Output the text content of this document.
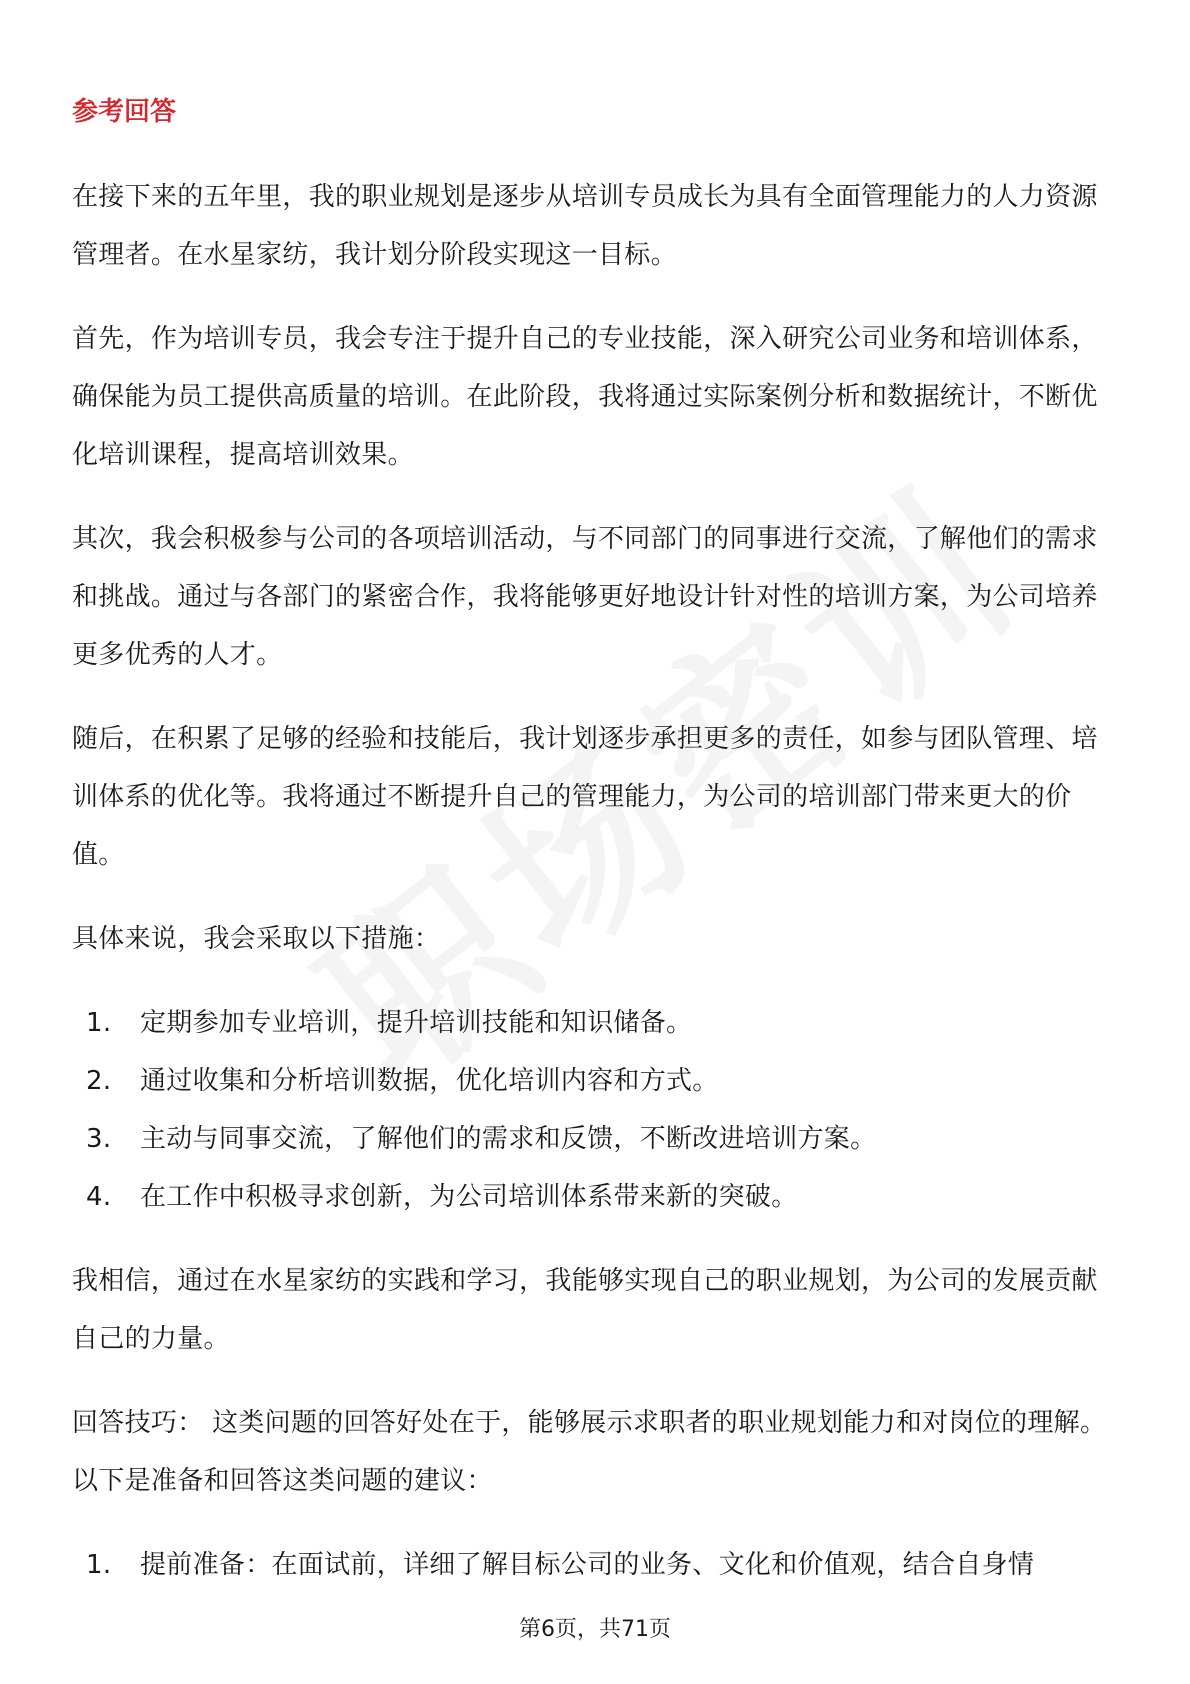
参考回答

在接下来的五年里，我的职业规划是逐步从培训专员成长为具有全面管理能力的人力资源管理者。在水星家纺，我计划分阶段实现这一目标。

首先，作为培训专员，我会专注于提升自己的专业技能，深入研究公司业务和培训体系，确保能为员工提供高质量的培训。在此阶段，我将通过实际案例分析和数据统计，不断优化培训课程，提高培训效果。

其次，我会积极参与公司的各项培训活动，与不同部门的同事进行交流，了解他们的需求和挑战。通过与各部门的紧密合作，我将能够更好地设计针对性的培训方案，为公司培养更多优秀的人才。

随后，在积累了足够的经验和技能后，我计划逐步承担更多的责任，如参与团队管理、培训体系的优化等。我将通过不断提升自己的管理能力，为公司的培训部门带来更大的价值。

具体来说，我会采取以下措施：

1.	定期参加专业培训，提升培训技能和知识储备。
2.	通过收集和分析培训数据，优化培训内容和方式。
3.	主动与同事交流，了解他们的需求和反馈，不断改进培训方案。
4.	在工作中积极寻求创新，为公司培训体系带来新的突破。

我相信，通过在水星家纺的实践和学习，我能够实现自己的职业规划，为公司的发展贡献自己的力量。

回答技巧： 这类问题的回答好处在于，能够展示求职者的职业规划能力和对岗位的理解。以下是准备和回答这类问题的建议：

1.	提前准备：在面试前，详细了解目标公司的业务、文化和价值观，结合自身情
第6页，共71页
